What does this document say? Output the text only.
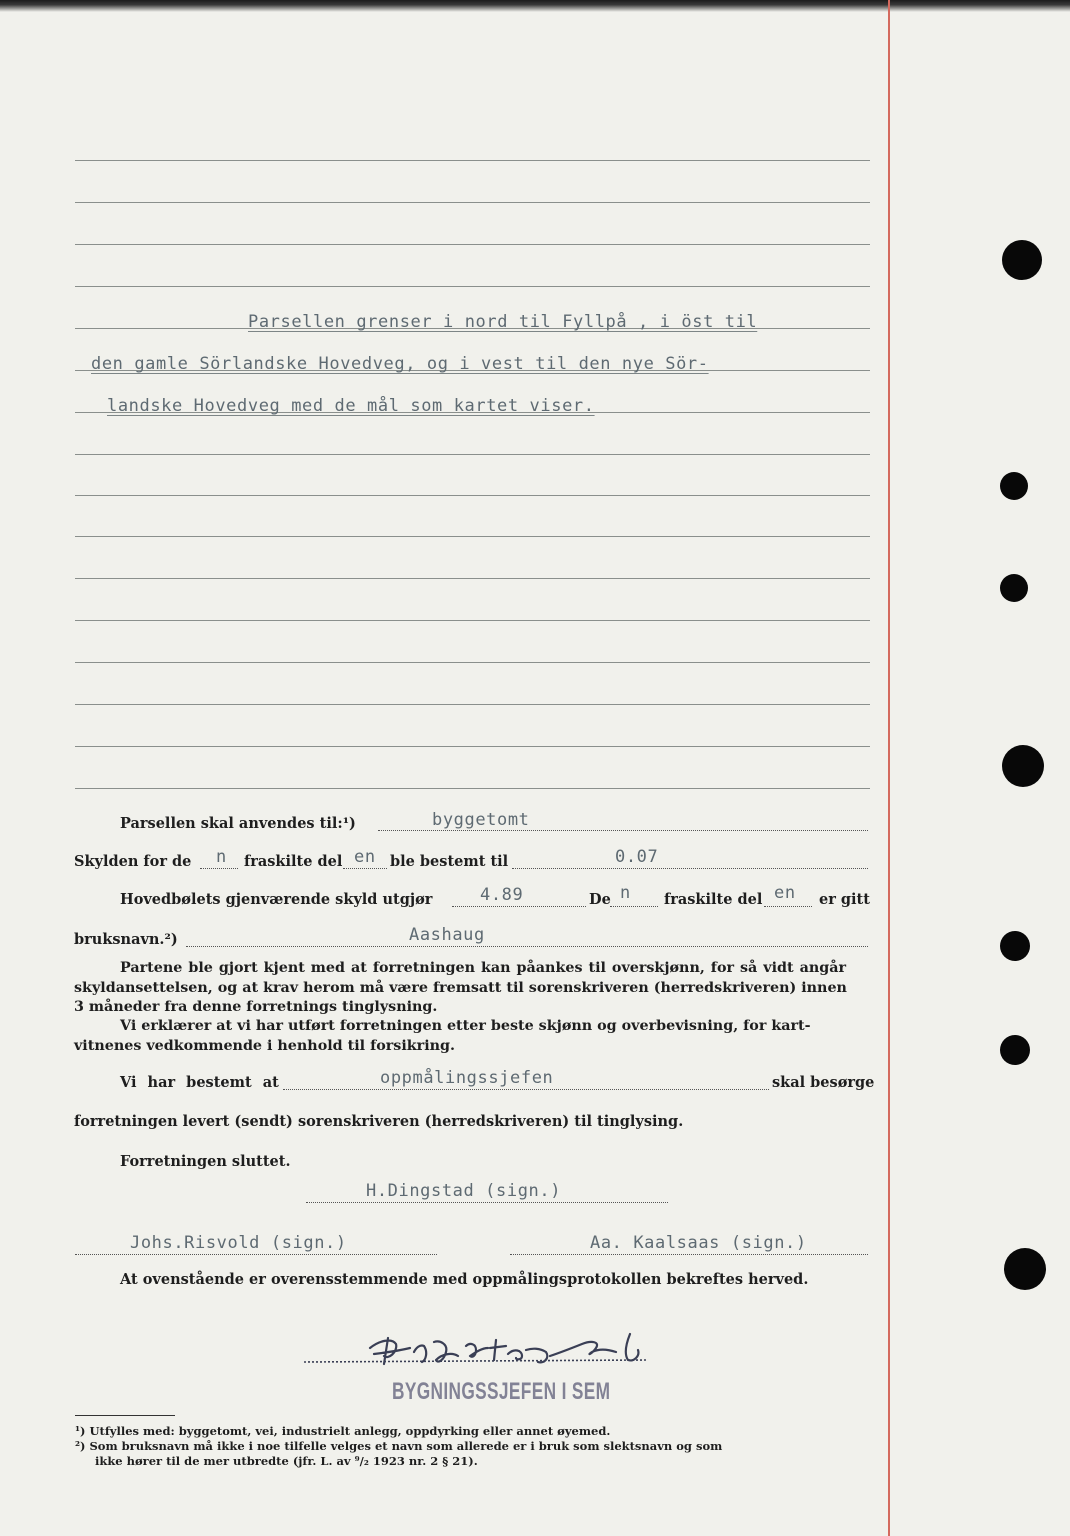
Parsellen grenser i nord til Fyllpå , i öst til
den gamle Sörlandske Hovedveg, og i vest til den nye Sör-
landske Hovedveg med de mål som kartet viser.
Parsellen skal anvendes til:¹)	byggetomt
Skylden for de n fraskilte del en ble bestemt til	0.07
Hovedbølets gjenværende skyld utgjør	4.89	De n fraskilte del en er gitt
bruksnavn.²)	Aashaug
Partene ble gjort kjent med at forretningen kan påankes til overskjønn, for så vidt angår
skyldansettelsen, og at krav herom må være fremsatt til sorenskriveren (herredskriveren) innen
3 måneder fra denne forretnings tinglysning.
Vi erklærer at vi har utført forretningen etter beste skjønn og overbevisning, for kart-
vitnenes vedkommende i henhold til forsikring.
Vi har bestemt at	oppmålingssjefen	skal besørge
forretningen levert (sendt) sorenskriveren (herredskriveren) til tinglysing.
Forretningen sluttet.
H.Dingstad (sign.)
Johs.Risvold (sign.)	Aa. Kaalsaas (sign.)
At ovenstående er overensstemmende med oppmålingsprotokollen bekreftes herved.
BYGNINGSSJEFEN I SEM
¹) Utfylles med: byggetomt, vei, industrielt anlegg, oppdyrking eller annet øyemed.
²) Som bruksnavn må ikke i noe tilfelle velges et navn som allerede er i bruk som slektsnavn og som
ikke hører til de mer utbredte (jfr. L. av ⁹/₂ 1923 nr. 2 § 21).
